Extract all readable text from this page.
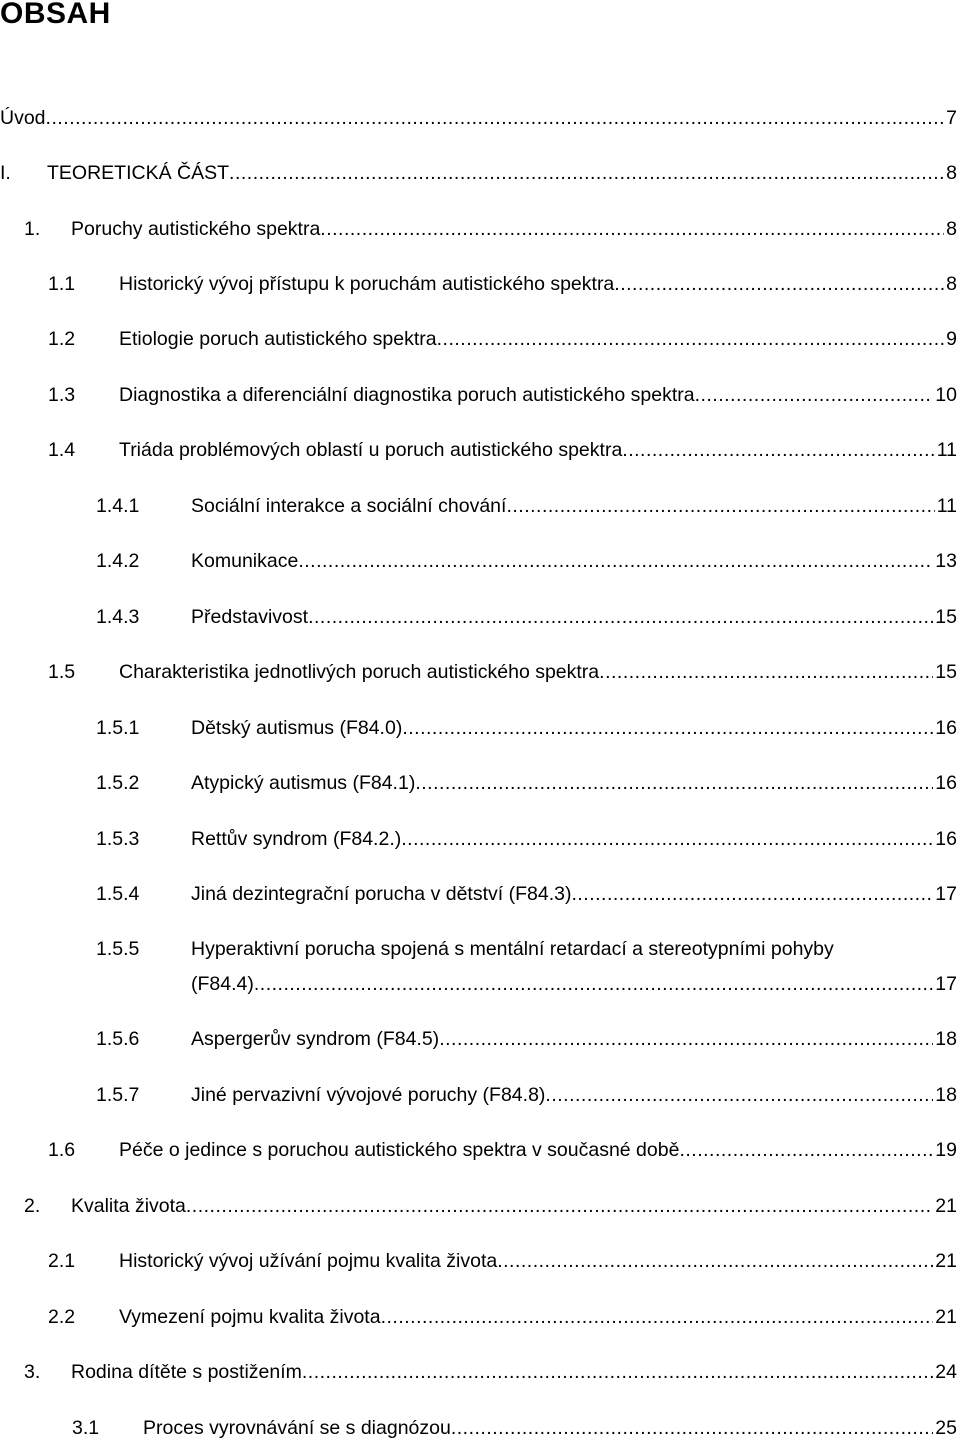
OBSAH
Úvod .....	7
I. TEORETICKÁ ČÁST .....	8
1. Poruchy autistického spektra .....	8
1.1 Historický vývoj přístupu k poruchám autistického spektra .....	8
1.2 Etiologie poruch autistického spektra .....	9
1.3 Diagnostika a diferenciální diagnostika poruch autistického spektra .....	10
1.4 Triáda problémových oblastí u poruch autistického spektra .....	11
1.4.1	Sociální interakce a sociální chování .....	11
1.4.2	Komunikace .....	13
1.4.3	Představivost .....	15
1.5 Charakteristika jednotlivých poruch autistického spektra .....	15
1.5.1	Dětský autismus (F84.0) .....	16
1.5.2	Atypický autismus (F84.1) .....	16
1.5.3	Rettův syndrom (F84.2.) .....	16
1.5.4	Jiná dezintegrační porucha v dětství (F84.3) .....	17
1.5.5	Hyperaktivní porucha spojená s mentální retardací a stereotypními pohyby
(F84.4) .....	17
1.5.6	Aspergerův syndrom (F84.5) .....	18
1.5.7	Jiné pervazivní vývojové poruchy (F84.8) .....	18
1.6 Péče o jedince s poruchou autistického spektra v současné době .....	19
2. Kvalita života .....	21
2.1 Historický vývoj užívání pojmu kvalita života .....	21
2.2 Vymezení pojmu kvalita života .....	21
3. Rodina dítěte s postižením .....	24
3.1 Proces vyrovnávání se s diagnózou .....	25
